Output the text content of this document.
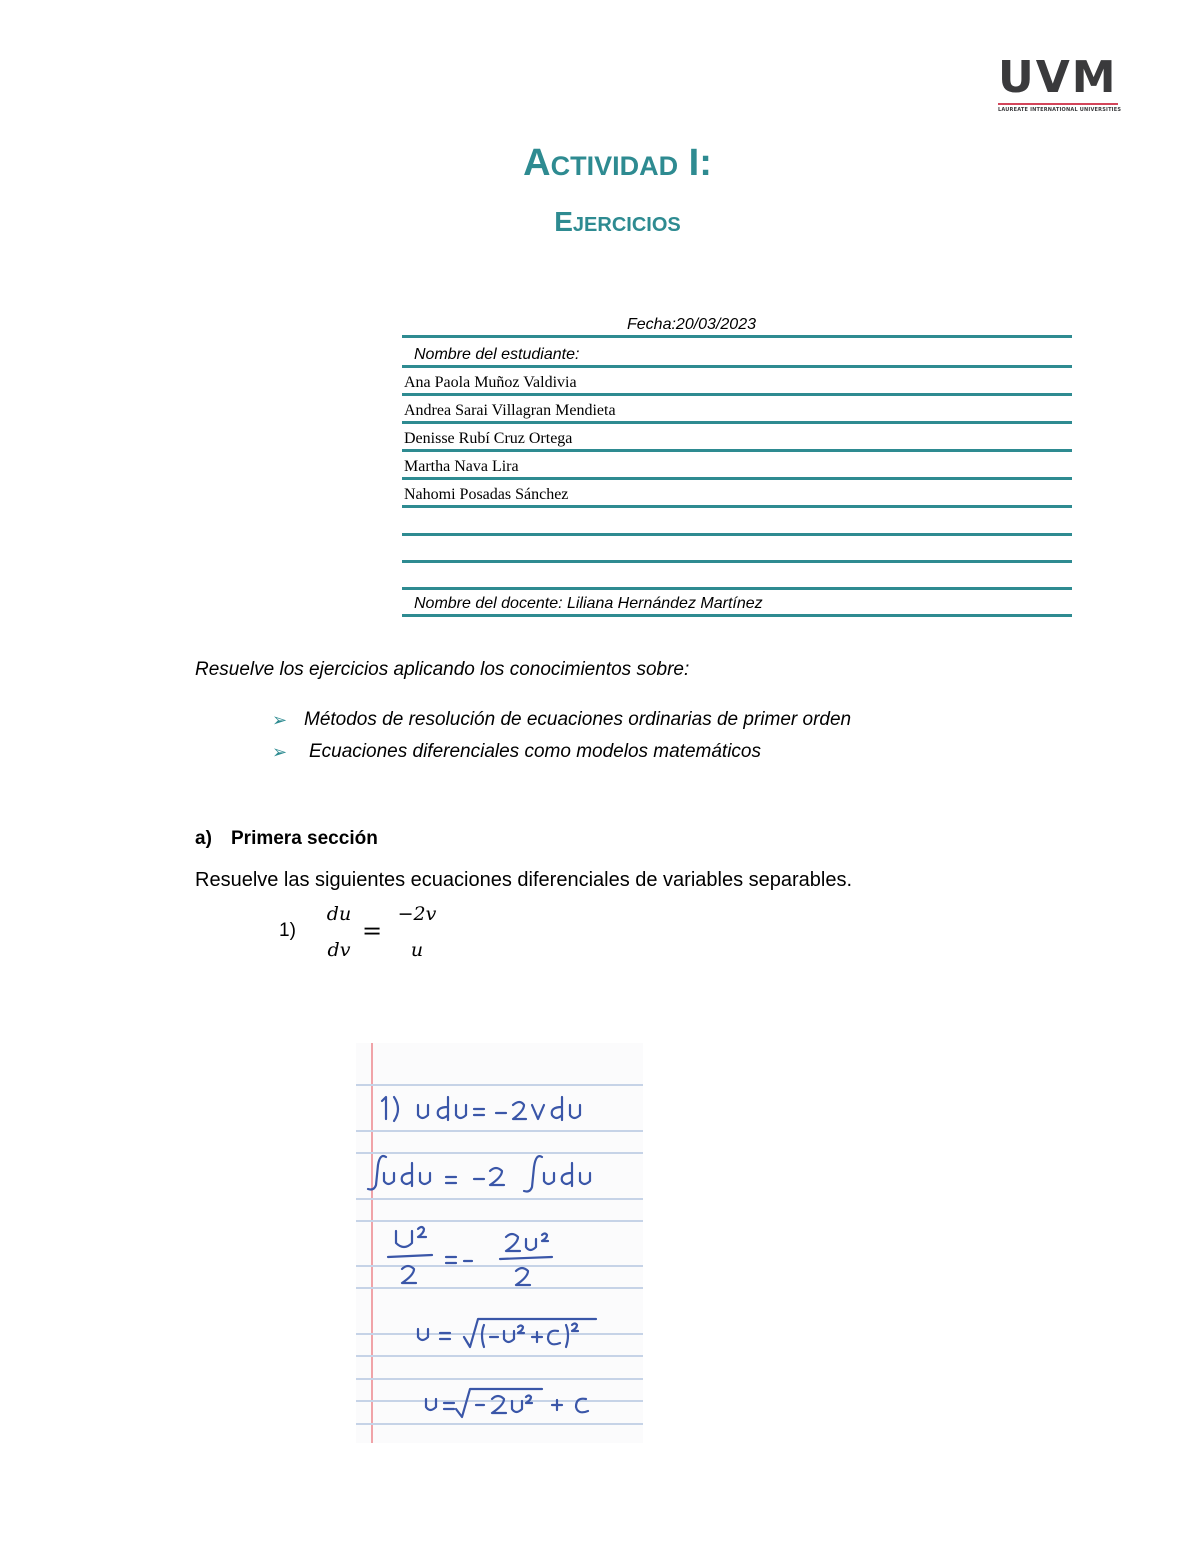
UVM
LAUREATE INTERNATIONAL UNIVERSITIES
Actividad I:
Ejercicios
Fecha:20/03/2023
Nombre del estudiante:
Ana Paola Muñoz Valdivia
Andrea Sarai Villagran Mendieta
Denisse Rubí Cruz Ortega
Martha Nava Lira
Nahomi Posadas Sánchez
Nombre del docente: Liliana Hernández Martínez
Resuelve los ejercicios aplicando los conocimientos sobre:
➢ Métodos de resolución de ecuaciones ordinarias de primer orden
➢	Ecuaciones diferenciales como modelos matemáticos
a) Primera sección
Resuelve las siguientes ecuaciones diferenciales de variables separables.
1)
du
dv
=
−2v
u
